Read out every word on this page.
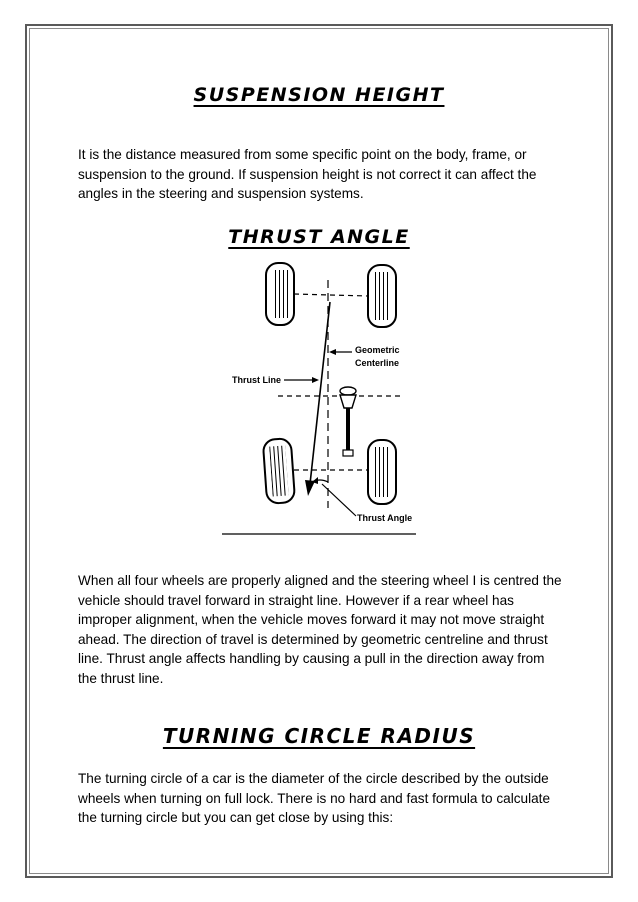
SUSPENSION HEIGHT
It is the distance measured from some specific point on the body, frame, or suspension to the ground. If suspension height is not correct it can affect the angles in the steering and suspension systems.
THRUST ANGLE
Geometric
Centerline
Thrust Line
Thrust Angle
When all four wheels are properly aligned and the steering wheel I is centred the vehicle should travel forward in straight line. However if a rear wheel has improper alignment, when the vehicle moves forward it may not move straight ahead. The direction of travel is determined by geometric centreline and thrust line. Thrust angle affects handling by causing a pull in the direction away from the thrust line.
TURNING CIRCLE RADIUS
The turning circle of a car is the diameter of the circle described by the outside wheels when turning on full lock. There is no hard and fast formula to calculate the turning circle but you can get close by using this:
